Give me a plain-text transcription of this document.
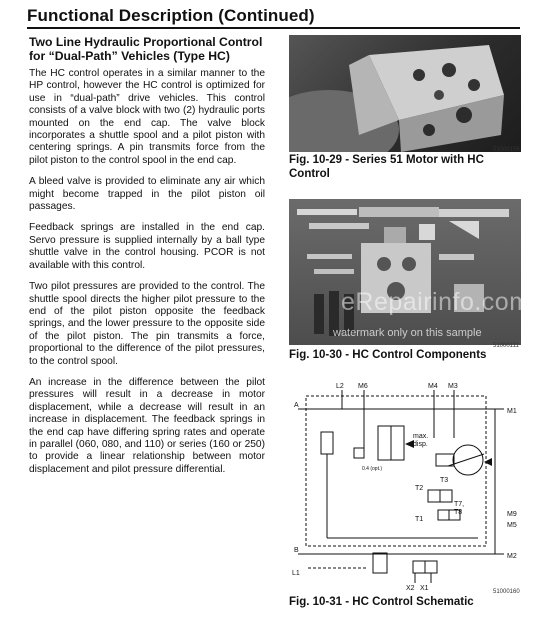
Functional Description (Continued)
Two Line Hydraulic Proportional Control
for “Dual-Path” Vehicles (Type HC)

The HC control operates in a similar manner to the HP control, however the HC control is optimized for use in “dual-path” drive vehicles. This control consists of a valve block with two (2) hydraulic ports mounted on the end cap. The valve block incorporates a shuttle spool and a pilot piston with centering springs. A pin transmits force from the pilot piston to the control spool in the end cap.

A bleed valve is provided to eliminate any air which might become trapped in the pilot piston oil passages.

Feedback springs are installed in the end cap. Servo pressure is supplied internally by a ball type shuttle valve in the control housing. PCOR is not available with this control.

Two pilot pressures are provided to the control. The shuttle spool directs the higher pilot pressure to the end of the pilot piston opposite the feedback springs, and the lower pressure to the opposite side of the pilot piston. The pin transmits a force, proportional to the difference of the pilot pressures, to the control spool.

An increase in the difference between the pilot pressures will result in a decrease in motor displacement, while a decrease will result in an increase in displacement. The feedback springs in the end cap have differing spring rates and operate in parallel (060, 080, and 110) or series (160 or 250) to provide a linear relationship between motor displacement and pilot pressure differential.

51000158
Fig. 10-29 - Series 51 Motor with HC
Control
eRepairinfo.com
watermark only on this sample
51000111
Fig. 10-30 - HC Control Components
L2 M6	M4 M3
M1
M9
M5
M2
A
B
L1
X2 X1
max.
disp.
T3
T2
T7,
T8
T1
0.4 (opt.)
51000160
Fig. 10-31 - HC Control Schematic
